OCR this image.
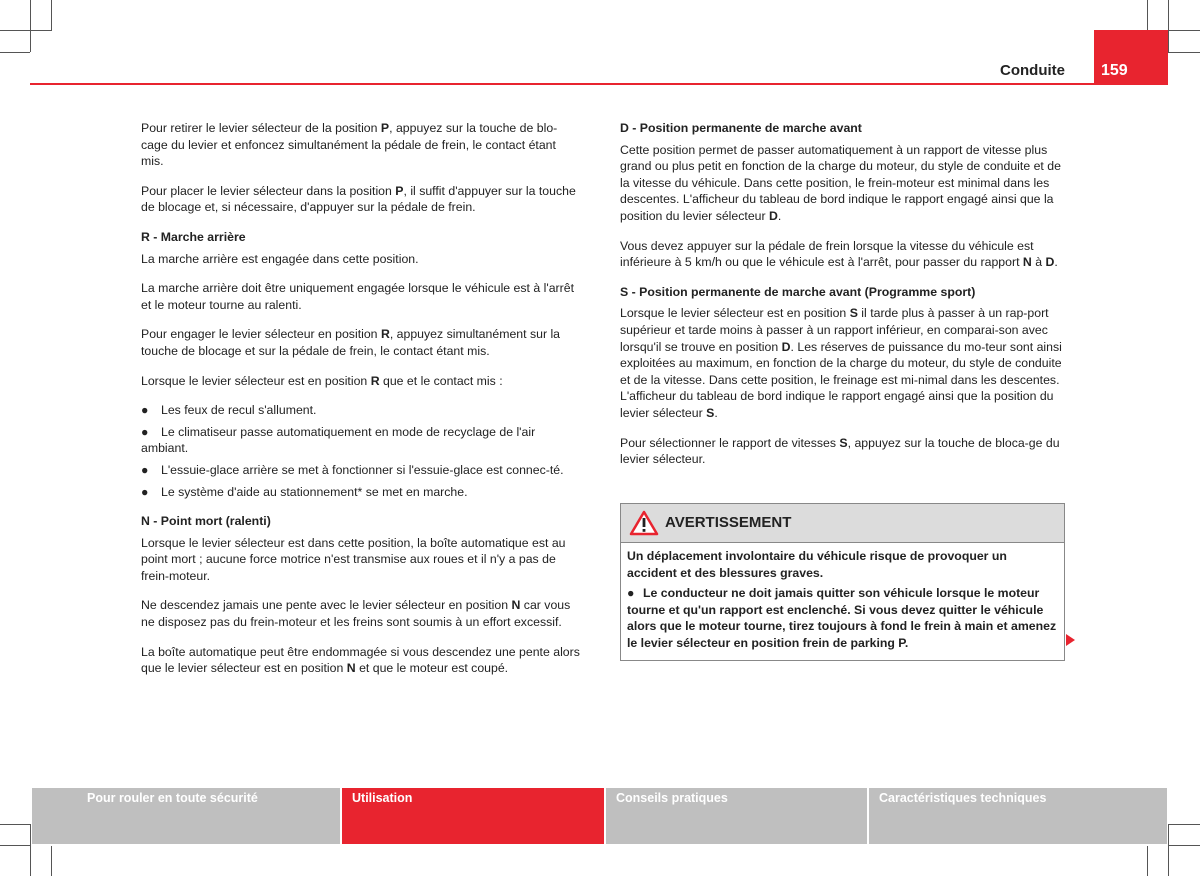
Conduite 159

Pour retirer le levier sélecteur de la position P, appuyez sur la touche de blo-cage du levier et enfoncez simultanément la pédale de frein, le contact étant mis.

Pour placer le levier sélecteur dans la position P, il suffit d'appuyer sur la touche de blocage et, si nécessaire, d'appuyer sur la pédale de frein.

R - Marche arrière

La marche arrière est engagée dans cette position.

La marche arrière doit être uniquement engagée lorsque le véhicule est à l'arrêt et le moteur tourne au ralenti.

Pour engager le levier sélecteur en position R, appuyez simultanément sur la touche de blocage et sur la pédale de frein, le contact étant mis.

Lorsque le levier sélecteur est en position R que et le contact mis :

● Les feux de recul s'allument.
● Le climatiseur passe automatiquement en mode de recyclage de l'air ambiant.
● L'essuie-glace arrière se met à fonctionner si l'essuie-glace est connec-té.
● Le système d'aide au stationnement* se met en marche.

N - Point mort (ralenti)

Lorsque le levier sélecteur est dans cette position, la boîte automatique est au point mort ; aucune force motrice n'est transmise aux roues et il n'y a pas de frein-moteur.

Ne descendez jamais une pente avec le levier sélecteur en position N car vous ne disposez pas du frein-moteur et les freins sont soumis à un effort excessif.

La boîte automatique peut être endommagée si vous descendez une pente alors que le levier sélecteur est en position N et que le moteur est coupé.

D - Position permanente de marche avant

Cette position permet de passer automatiquement à un rapport de vitesse plus grand ou plus petit en fonction de la charge du moteur, du style de conduite et de la vitesse du véhicule. Dans cette position, le frein-moteur est minimal dans les descentes. L'afficheur du tableau de bord indique le rapport engagé ainsi que la position du levier sélecteur D.

Vous devez appuyer sur la pédale de frein lorsque la vitesse du véhicule est inférieure à 5 km/h ou que le véhicule est à l'arrêt, pour passer du rapport N à D.

S - Position permanente de marche avant (Programme sport)

Lorsque le levier sélecteur est en position S il tarde plus à passer à un rap-port supérieur et tarde moins à passer à un rapport inférieur, en comparai-son avec lorsqu'il se trouve en position D. Les réserves de puissance du mo-teur sont ainsi exploitées au maximum, en fonction de la charge du moteur, du style de conduite et de la vitesse. Dans cette position, le freinage est mi-nimal dans les descentes. L'afficheur du tableau de bord indique le rapport engagé ainsi que la position du levier sélecteur S.

Pour sélectionner le rapport de vitesses S, appuyez sur la touche de bloca-ge du levier sélecteur.

AVERTISSEMENT

Un déplacement involontaire du véhicule risque de provoquer un accident et des blessures graves.

● Le conducteur ne doit jamais quitter son véhicule lorsque le moteur tourne et qu'un rapport est enclenché. Si vous devez quitter le véhicule alors que le moteur tourne, tirez toujours à fond le frein à main et amenez le levier sélecteur en position frein de parking P.

Pour rouler en toute sécurité	Utilisation	Conseils pratiques	Caractéristiques techniques
